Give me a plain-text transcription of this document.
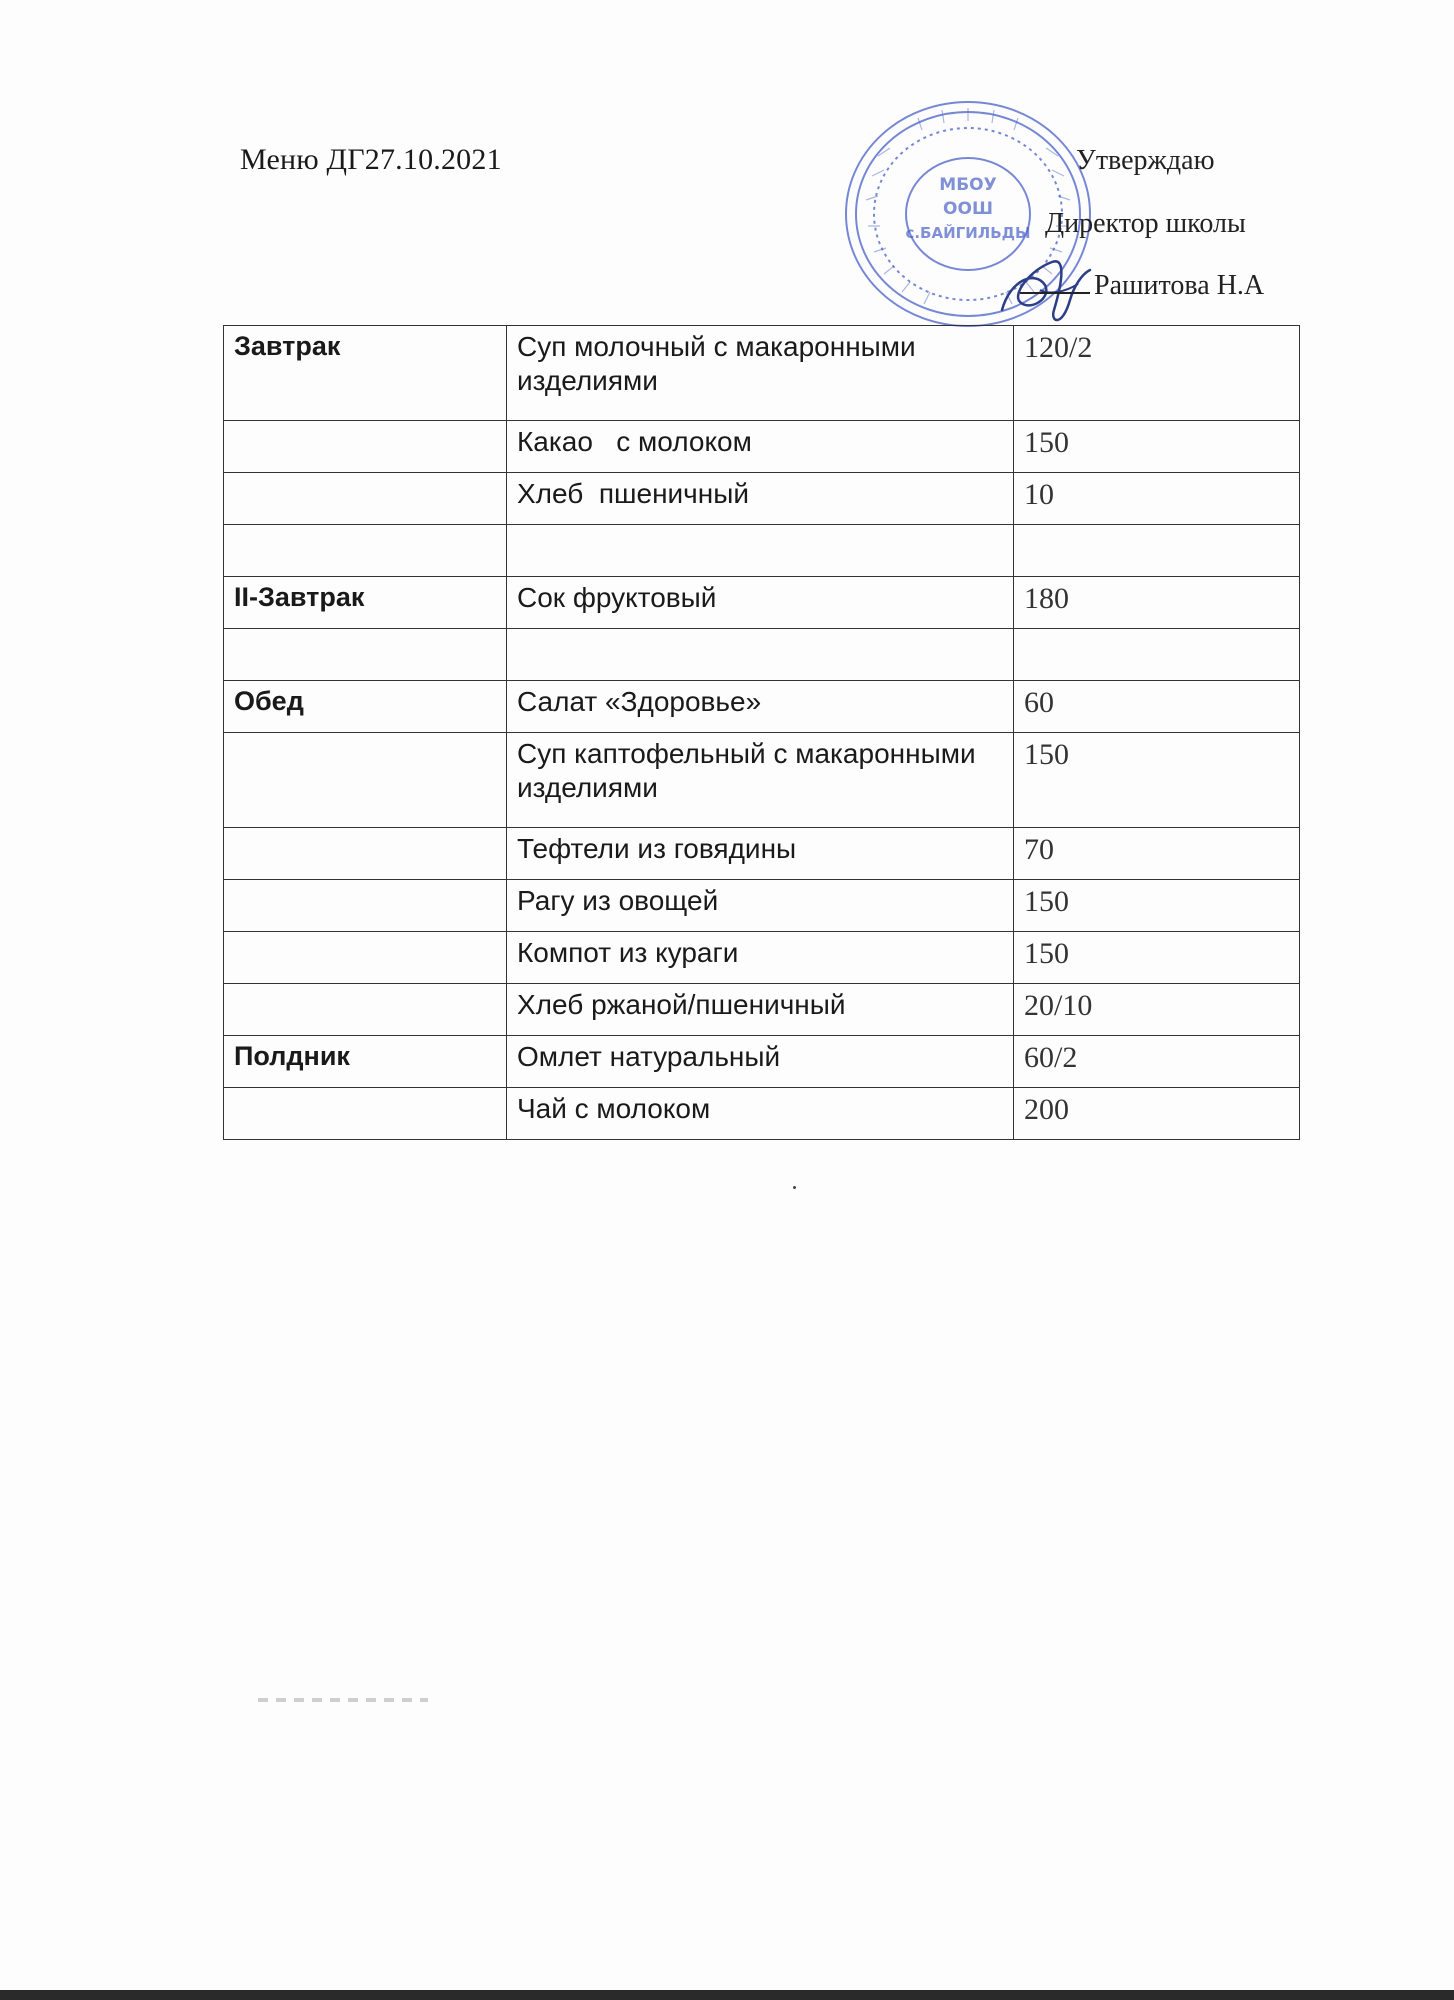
Меню ДГ27.10.2021
МБОУ
ООШ
с.БАЙГИЛЬДЫ
Утверждаю
Директор школы
Рашитова Н.А
Завтрак	Суп молочный с макаронными изделиями	120/2
	Какао   с молоком	150
	Хлеб  пшеничный	10

II-Завтрак	Сок фруктовый	180

Обед	Салат «Здоровье»	60
	Суп каптофельный с макаронными изделиями	150
	Тефтели из говядины	70
	Рагу из овощей	150
	Компот из кураги	150
	Хлеб ржаной/пшеничный	20/10
Полдник	Омлет натуральный	60/2
	Чай с молоком	200
